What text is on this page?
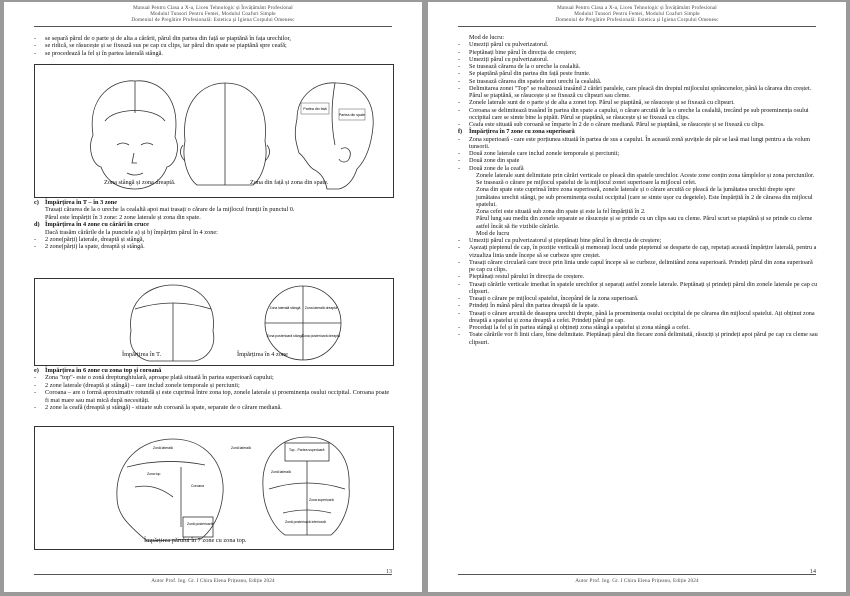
Manual Pentru Clasa a X-a, Liceu Tehnologic și Învățământ Profesional
Modulul Tunsori Pentru Femei, Modulul Coafuri Simple
Domeniul de Pregătire Profesională: Estetica și Igiena Corpului Omenesc

- se separă părul de o parte și de alta a cărării, părul din partea din față se piaptănă în fața urechilor,

- se ridică, se răsucește și se fixează sus pe cap cu clips, iar părul din spate se piaptănă spre ceafă;

- se procedează la fel și în partea laterală stângă.

Partea din față
Partea din spate
Zona stângă și zona dreaptă.	Zona din față și zona din spate.

c) Împărțirea în T – în 3 zone

Trasați cărarea de la o ureche la cealaltă apoi mai trasați o cărare de la mijlocul frunții în punctul 0.

Părul este împărțit în 3 zone: 2 zone laterale și zona din spate.

d) Împărțirea în 4 zone cu cărări în cruce

Dacă trasăm cărările de la punctele a) și b) împărțim părul în 4 zone:

- 2 zone(părți) laterale, dreaptă și stângă,

- 2 zone(părți) la spate, dreaptă și stângă.

Zona laterală stângă Zona laterală dreaptă
Zona posterioară stângă
Zona posterioară dreaptă
Împărțirea în T.	Împărțirea în 4 zone

e) Împărțirea în 6 zone cu zona top și coroană

- Zona "top"- este o zonă dreptunghiulară, aproape plată situată în partea superioară capului;

- 2 zone laterale (dreaptă și stângă) – care includ zonele temporale și perciunii;

- Coroana – are o formă aproximativ rotundă și este cuprinsă între zona top, zonele laterale și proeminența osului occipital. Coroana poate fi mai mare sau mai mică după necesități.

- 2 zone la ceafă (dreaptă și stângă) - situate sub coroană la spate, separate de o cărare mediană.

Zonă laterală	Zonă laterală
Zona top
Top - Partea superioară
Coroana
Zonă laterală
Zonă posterioară
Zona superioară
Zonă posterioară inferioară
Împărțirea părului în 7 zone cu zona top.
13
Autor Prof. Ing. Gr. I Chira Elena Prițeanu, Ediție 2024
Manual Pentru Clasa a X-a, Liceu Tehnologic și Învățământ Profesional
Modulul Tunsori Pentru Femei, Modulul Coafuri Simple
Domeniul de Pregătire Profesională: Estetica și Igiena Corpului Omenesc

Mod de lucru:

- Umeziți părul cu pulverizatorul.

- Pieptănați bine părul în direcția de creștere;

- Umeziți părul cu pulverizatorul.

- Se trasează cărarea de la o ureche la cealaltă.

- Se piaptănă părul din partea din față peste frunte.

- Se trasează cărarea din spatele unei urechi la cealaltă.

- Delimitarea zonei "Top" se realizează trasând 2 cărări paralele, care pleacă din dreptul mijlocului sprâncenelor, până la cărarea din creștet. Părul se piaptănă, se răsucește și se fixează cu clipsuri sau cleme.

- Zonele laterale sunt de o parte și de alta a zonei top. Părul se piaptănă, se răsucește și se fixează cu clipsuri.

- Coroana se delimitează trasând în partea din spate a capului, o cărare arcuită de la o ureche la cealaltă, trecând pe sub proeminența osului occipital care se simte bine la pipăit. Părul se piaptănă, se răsucește și se fixează cu clips.

- Ceafa este situată sub coroană se împarte în 2 de o cărare mediană. Părul se piaptănă, se răsucește și se fixează cu clips.

f) Împărțirea în 7 zone cu zona superioară

- Zona superioară - care este porțiunea situată în partea de sus a capului. În această zonă șuvițele de păr se lasă mai lungi pentru a da volum tunsorii.

- Două zone laterale care includ zonele temporale și perciunii;

- Două zone din spate

- Două zone de la ceafă

Zonele laterale sunt delimitate prin cărări verticale ce pleacă din spatele urechilor. Aceste zone conțin zona tâmplelor și zona perciunilor.

Se trasează o cărare pe mijlocul spatelui de la mijlocul zonei superioare la mijlocul cefei.

Zona din spate este cuprinsă între zona superioară, zonele laterale și o cărare arcuită ce pleacă de la jumătatea urechii drepte spre jumătatea urechii stângi, pe sub proeminența osului occipital (care se simte ușor cu degetele). Este împărțită în 2 de cărarea din mijlocul spatelui.

Zona cefei este situată sub zona din spate și este la fel împărțită în 2.

Părul lung sau mediu din zonele separate se răsucește și se prinde cu un clips sau cu cleme. Părul scurt se piaptănă și se prinde cu cleme astfel încât să fie vizibile cărările.

Mod de lucru

- Umeziți părul cu pulverizatorul și pieptănați bine părul în direcția de creștere;

- Așezați pieptenul de cap, în poziție verticală și memorați locul unde pieptenul se desparte de cap, repetați această împărțire laterală, pentru a vizualiza linia unde începe să se curbeze spre creștet.

- Trasați cărare circulară care trece prin linia unde capul începe să se curbeze, delimitând zona superioară. Prindeți părul din zona superioară pe cap cu clips.

- Pieptănați restul părului în direcția de creștere.

- Trasați cărările verticale imediat în spatele urechilor și separați astfel zonele laterale. Pieptănați și prindeți părul din zonele laterale pe cap cu clipsuri.

- Trasați o cărare pe mijlocul spatelui, începând de la zona superioară.

- Prindeți în mână părul din partea dreaptă de la spate.

- Trasați o cărare arcuită de deasupra urechii drepte, până la proeminența osului occipital de pe cărarea din mijlocul spatelui. Ați obținut zona dreaptă a spatelui și zona dreaptă a cefei. Prindeți părul pe cap.

- Procedați la fel și în partea stângă și obțineți zona stângă a spatelui și zona stângă a cefei.

- Toate cărările vor fi linii clare, bine delimitate. Pieptănați părul din fiecare zonă delimitată, răsuciți și prindeți apoi părul pe cap cu cleme sau clipsuri.

14
Autor Prof. Ing. Gr. I Chira Elena Prițeanu, Ediție 2024
